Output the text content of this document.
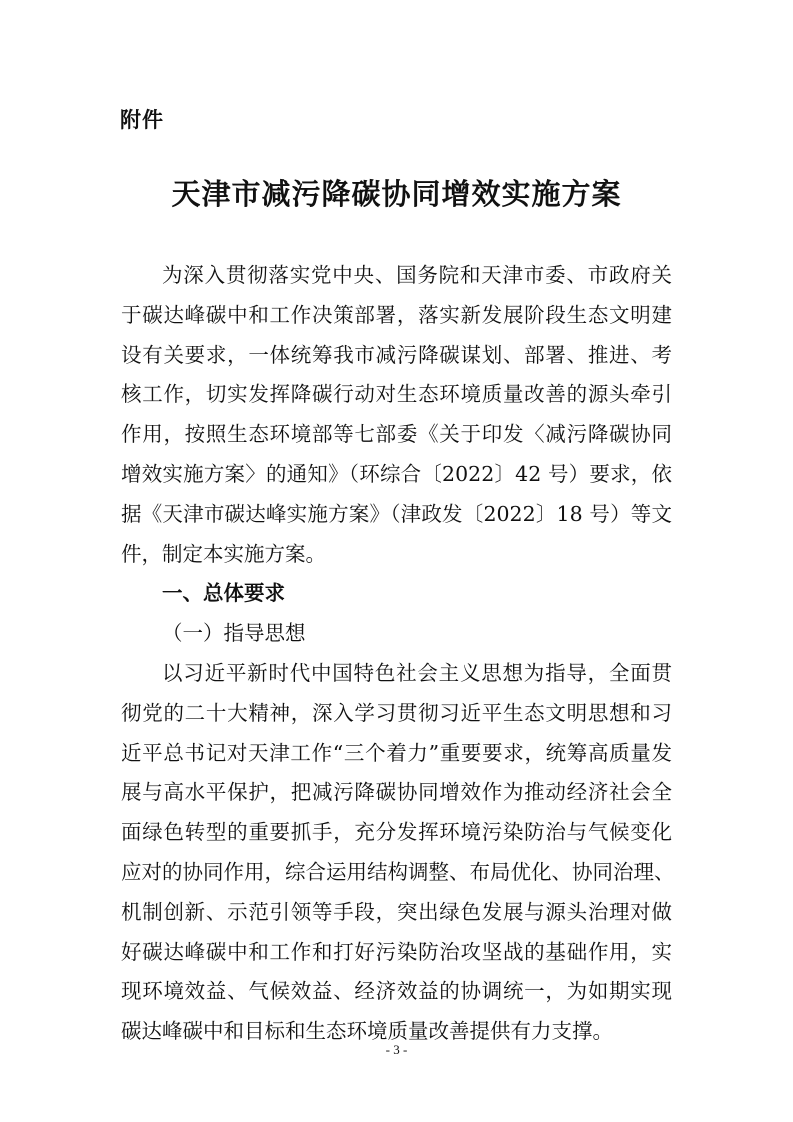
附件
天津市减污降碳协同增效实施方案

为深入贯彻落实党中央、国务院和天津市委、市政府关
于碳达峰碳中和工作决策部署，落实新发展阶段生态文明建
设有关要求，一体统筹我市减污降碳谋划、部署、推进、考
核工作，切实发挥降碳行动对生态环境质量改善的源头牵引
作用，按照生态环境部等七部委《关于印发〈减污降碳协同
增效实施方案〉的通知》（环综合〔2022〕42 号）要求，依
据《天津市碳达峰实施方案》（津政发〔2022〕18 号）等文
件，制定本实施方案。

一、总体要求
（一）指导思想

以习近平新时代中国特色社会主义思想为指导，全面贯
彻党的二十大精神，深入学习贯彻习近平生态文明思想和习
近平总书记对天津工作“三个着力”重要要求，统筹高质量发
展与高水平保护，把减污降碳协同增效作为推动经济社会全
面绿色转型的重要抓手，充分发挥环境污染防治与气候变化
应对的协同作用，综合运用结构调整、布局优化、协同治理、
机制创新、示范引领等手段，突出绿色发展与源头治理对做
好碳达峰碳中和工作和打好污染防治攻坚战的基础作用，实
现环境效益、气候效益、经济效益的协调统一，为如期实现
碳达峰碳中和目标和生态环境质量改善提供有力支撑。

- 3 -
